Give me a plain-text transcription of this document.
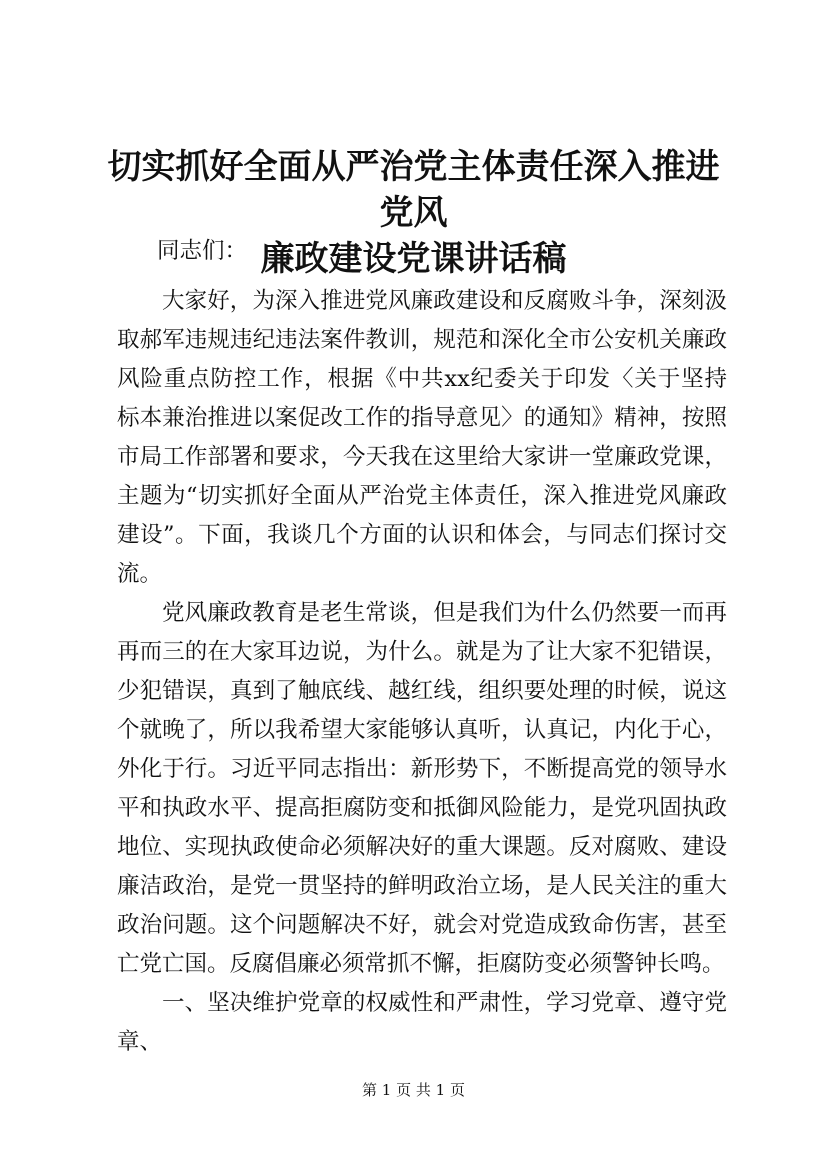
切实抓好全面从严治党主体责任深入推进党风
廉政建设党课讲话稿

同志们：

大家好，为深入推进党风廉政建设和反腐败斗争，深刻汲取郝军违规违纪违法案件教训，规范和深化全市公安机关廉政风险重点防控工作，根据《中共xx纪委关于印发〈关于坚持标本兼治推进以案促改工作的指导意见〉的通知》精神，按照市局工作部署和要求，今天我在这里给大家讲一堂廉政党课，主题为“切实抓好全面从严治党主体责任，深入推进党风廉政建设”。下面，我谈几个方面的认识和体会，与同志们探讨交流。

党风廉政教育是老生常谈，但是我们为什么仍然要一而再再而三的在大家耳边说，为什么。就是为了让大家不犯错误，少犯错误，真到了触底线、越红线，组织要处理的时候，说这个就晚了，所以我希望大家能够认真听，认真记，内化于心，外化于行。习近平同志指出：新形势下，不断提高党的领导水平和执政水平、提高拒腐防变和抵御风险能力，是党巩固执政地位、实现执政使命必须解决好的重大课题。反对腐败、建设廉洁政治，是党一贯坚持的鲜明政治立场，是人民关注的重大政治问题。这个问题解决不好，就会对党造成致命伤害，甚至亡党亡国。反腐倡廉必须常抓不懈，拒腐防变必须警钟长鸣。

一、坚决维护党章的权威性和严肃性，学习党章、遵守党章、

第 1 页 共 1 页
